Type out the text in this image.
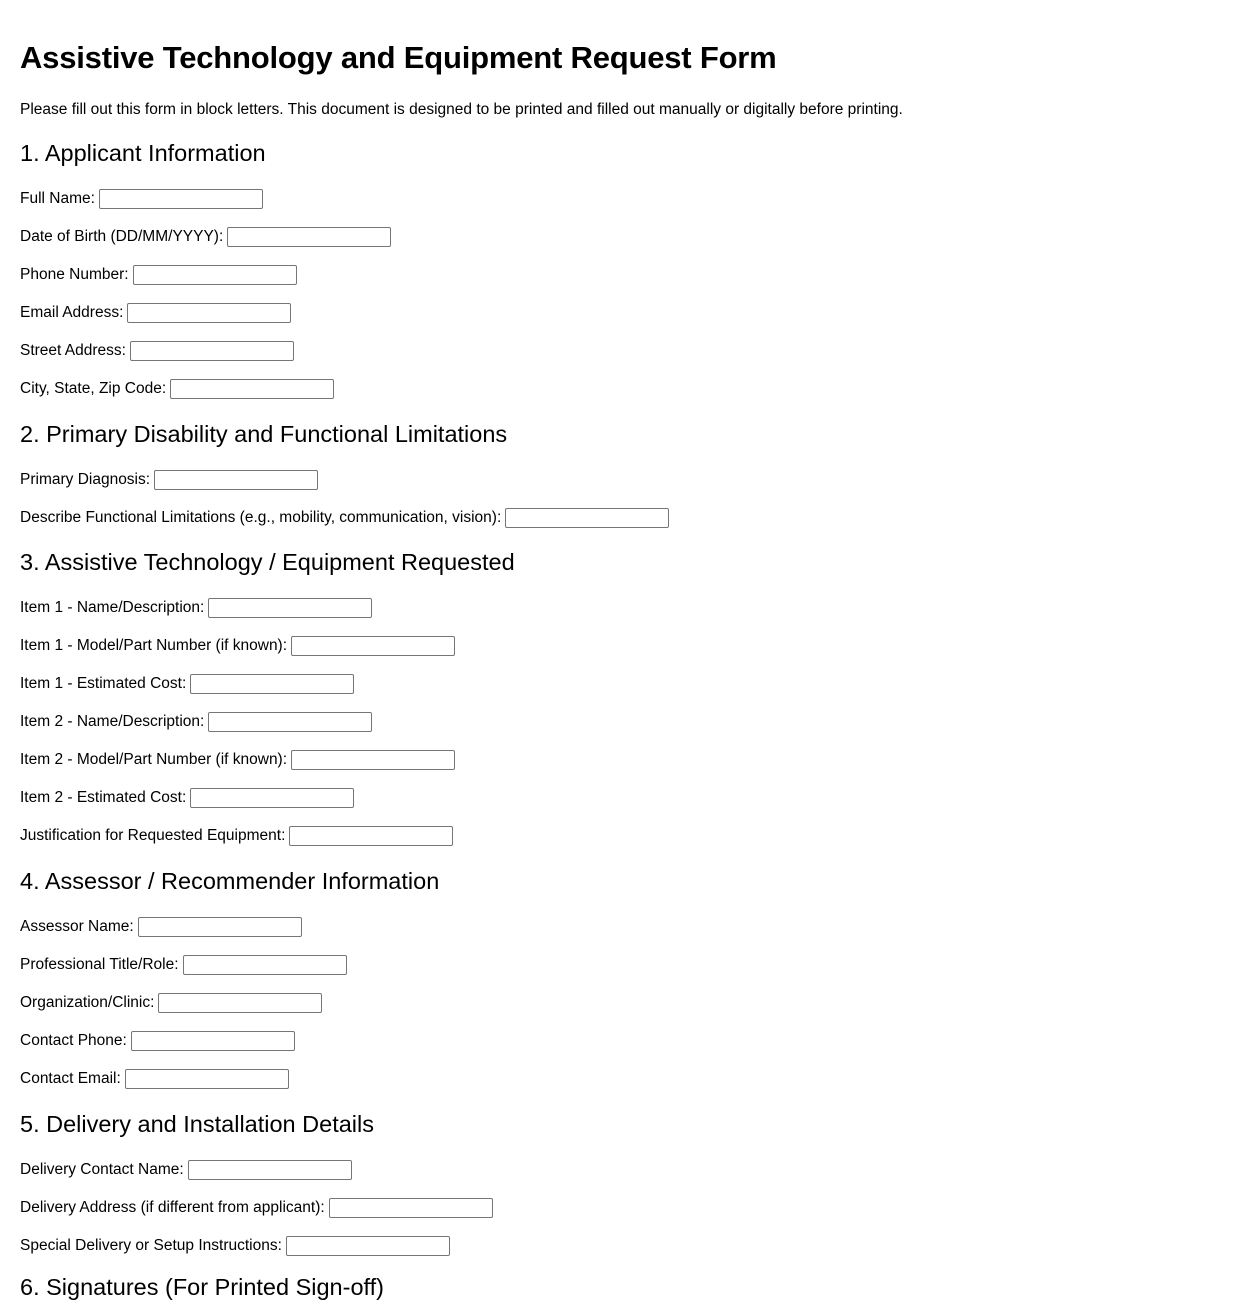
Assistive Technology and Equipment Request Form

Please fill out this form in block letters. This document is designed to be printed and filled out manually or digitally before printing.

1. Applicant Information
Full Name:
Date of Birth (DD/MM/YYYY):
Phone Number:
Email Address:
Street Address:
City, State, Zip Code:
2. Primary Disability and Functional Limitations
Primary Diagnosis:
Describe Functional Limitations (e.g., mobility, communication, vision):
3. Assistive Technology / Equipment Requested
Item 1 - Name/Description:
Item 1 - Model/Part Number (if known):
Item 1 - Estimated Cost:
Item 2 - Name/Description:
Item 2 - Model/Part Number (if known):
Item 2 - Estimated Cost:
Justification for Requested Equipment:
4. Assessor / Recommender Information
Assessor Name:
Professional Title/Role:
Organization/Clinic:
Contact Phone:
Contact Email:
5. Delivery and Installation Details
Delivery Contact Name:
Delivery Address (if different from applicant):
Special Delivery or Setup Instructions:
6. Signatures (For Printed Sign-off)
